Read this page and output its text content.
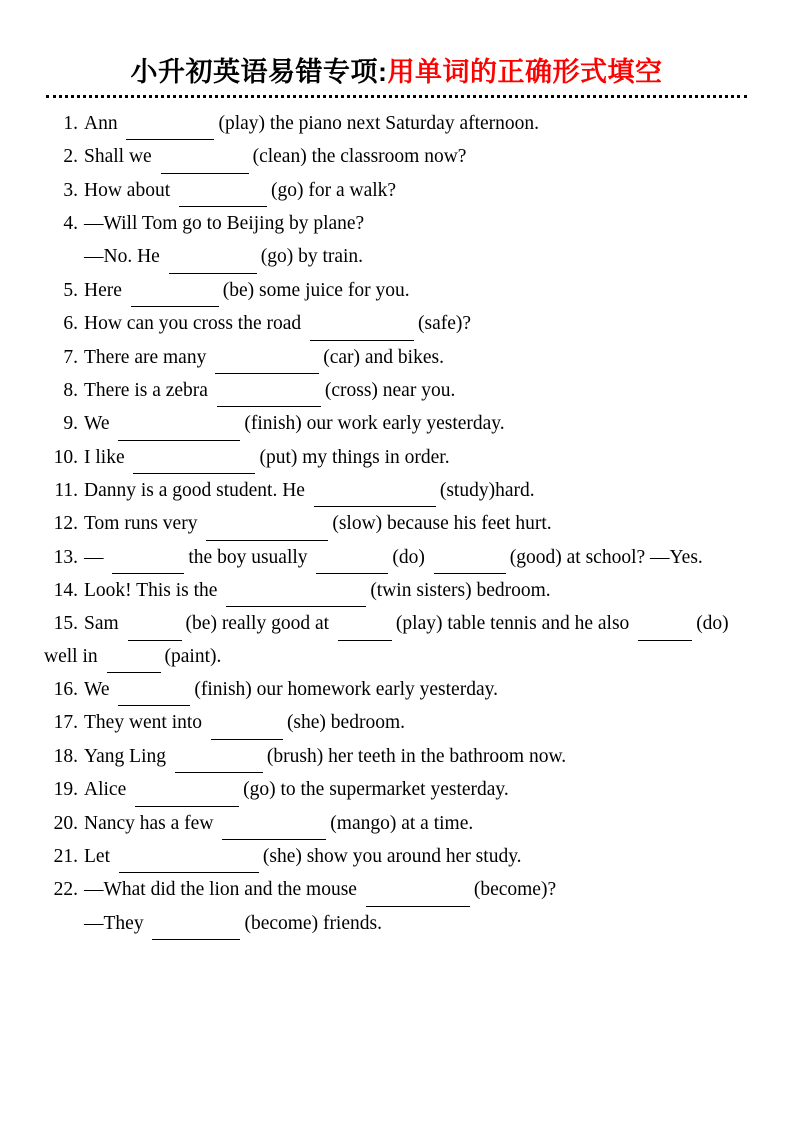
小升初英语易错专项:用单词的正确形式填空
1. Ann	(play) the piano next Saturday afternoon.
2. Shall we	(clean) the classroom now?
3. How about	(go) for a walk?
4. —Will Tom go to Beijing by plane?
—No. He	(go) by train.
5. Here	(be) some juice for you.
6. How can you cross the road	(safe)?
7. There are many	(car) and bikes.
8. There is a zebra	(cross) near you.
9. We	(finish) our work early yesterday.
10. I like	(put) my things in order.
11. Danny is a good student. He	(study)hard.
12. Tom runs very	(slow) because his feet hurt.
13. —	the boy usually	(do)	(good) at school? —Yes.
14. Look! This is the	(twin sisters) bedroom.
15. Sam	(be) really good at	(play) table tennis and he also	(do) well in	(paint).
16. We	(finish) our homework early yesterday.
17. They went into	(she) bedroom.
18. Yang Ling	(brush) her teeth in the bathroom now.
19. Alice	(go) to the supermarket yesterday.
20. Nancy has a few	(mango) at a time.
21. Let	(she) show you around her study.
22. —What did the lion and the mouse	(become)?
—They	(become) friends.
